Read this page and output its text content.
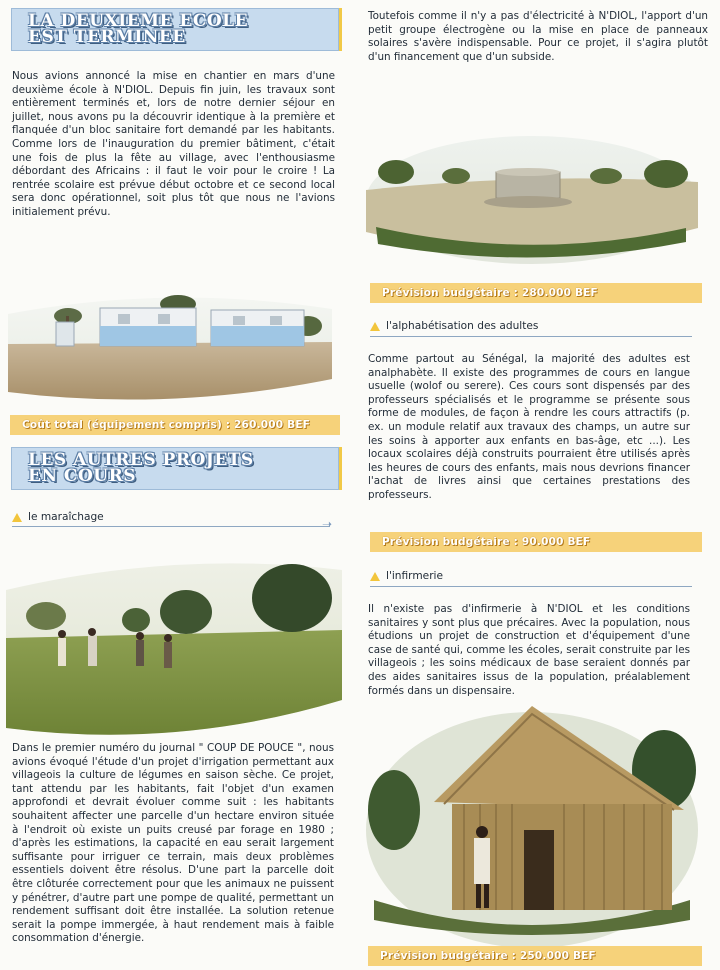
LA DEUXIEME ECOLE
EST TERMINEE
Nous avions annoncé la mise en chantier en mars d'une deuxième école à N'DIOL. Depuis fin juin, les travaux sont entièrement terminés et, lors de notre dernier séjour en juillet, nous avons pu la découvrir identique à la première et flanquée d'un bloc sanitaire fort demandé par les habitants. Comme lors de l'inauguration du premier bâtiment, c'était une fois de plus la fête au village, avec l'enthousiasme débordant des Africains : il faut le voir pour le croire ! La rentrée scolaire est prévue début octobre et ce second local sera donc opérationnel, soit plus tôt que nous ne l'avions initialement prévu.
Coût total (équipement compris) : 260.000 BEF
LES AUTRES PROJETS
EN COURS
le maraîchage	➝
Dans le premier numéro du journal " COUP DE POUCE ", nous avions évoqué l'étude d'un projet d'irrigation permettant aux villageois la culture de légumes en saison sèche. Ce projet, tant attendu par les habitants, fait l'objet d'un examen approfondi et devrait évoluer comme suit : les habitants souhaitent affecter une parcelle d'un hectare environ située à l'endroit où existe un puits creusé par forage en 1980 ; d'après les estimations, la capacité en eau serait largement suffisante pour irriguer ce terrain, mais deux problèmes essentiels doivent être résolus. D'une part la parcelle doit être clôturée correctement pour que les animaux ne puissent y pénétrer, d'autre part une pompe de qualité, permettant un rendement suffisant doit être installée. La solution retenue serait la pompe immergée, à haut rendement mais à faible consommation d'énergie.
Toutefois comme il n'y a pas d'électricité à N'DIOL, l'apport d'un petit groupe électrogène ou la mise en place de panneaux solaires s'avère indispensable. Pour ce projet, il s'agira plutôt d'un financement que d'un subside.
Prévision budgétaire : 280.000 BEF
l'alphabétisation des adultes
Comme partout au Sénégal, la majorité des adultes est analphabète. Il existe des programmes de cours en langue usuelle (wolof ou serere). Ces cours sont dispensés par des professeurs spécialisés et le programme se présente sous forme de modules, de façon à rendre les cours attractifs (p. ex. un module relatif aux travaux des champs, un autre sur les soins à apporter aux enfants en bas-âge, etc ...). Les locaux scolaires déjà construits pourraient être utilisés après les heures de cours des enfants, mais nous devrions financer l'achat de livres ainsi que certaines prestations des professeurs.
Prévision budgétaire : 90.000 BEF
l'infirmerie
Il n'existe pas d'infirmerie à N'DIOL et les conditions sanitaires y sont plus que précaires. Avec la population, nous étudions un projet de construction et d'équipement d'une case de santé qui, comme les écoles, serait construite par les villageois ; les soins médicaux de base seraient donnés par des aides sanitaires issus de la population, préalablement formés dans un dispensaire.
Prévision budgétaire : 250.000 BEF
